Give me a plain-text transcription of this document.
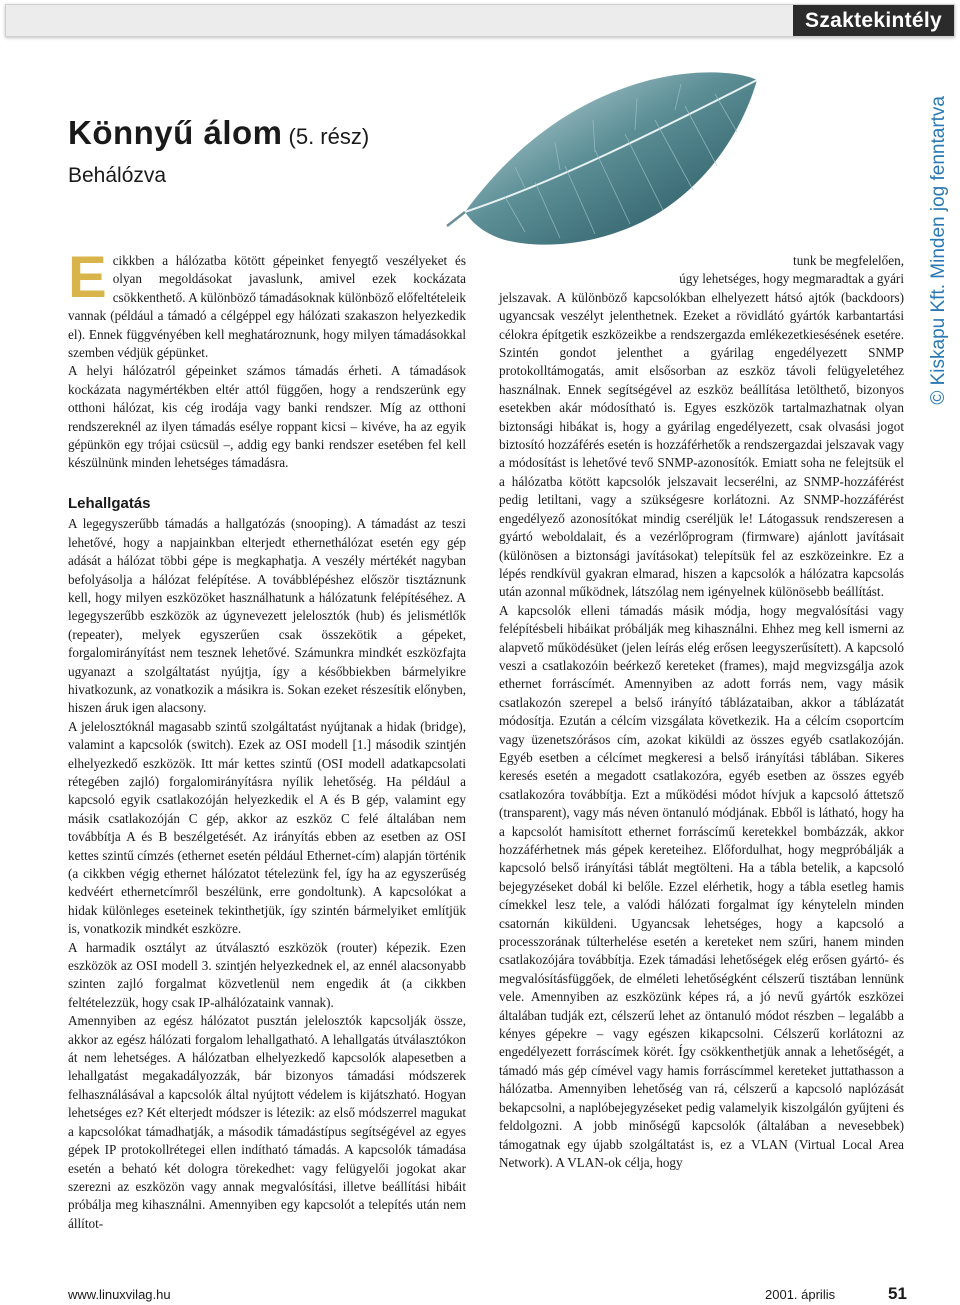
Szaktekintély
Könnyű álom (5. rész)
Behálózva	© Kiskapu Kft. Minden jog fenntartva

Ecikkben a hálózatba kötött gépeinket fenyegtő veszélyeket és olyan megoldásokat javaslunk, amivel ezek kockázata csökkenthető. A különböző támadásoknak különböző előfeltételeik vannak (például a támadó a célgéppel egy hálózati szakaszon helyezkedik el). Ennek függvényében kell meghatároznunk, hogy milyen támadásokkal szemben védjük gépünket.

A helyi hálózatról gépeinket számos támadás érheti. A támadások kockázata nagymértékben eltér attól függően, hogy a rendszerünk egy otthoni hálózat, kis cég irodája vagy banki rendszer. Míg az otthoni rendszereknél az ilyen támadás esélye roppant kicsi – kivéve, ha az egyik gépünkön egy trójai csücsül –, addig egy banki rendszer esetében fel kell készülnünk minden lehetséges támadásra.

Lehallgatás

A legegyszerűbb támadás a hallgatózás (snooping). A támadást az teszi lehetővé, hogy a napjainkban elterjedt ethernethálózat esetén egy gép adását a hálózat többi gépe is megkaphatja. A veszély mértékét nagyban befolyásolja a hálózat felépítése. A továbblépéshez először tisztáznunk kell, hogy milyen eszközöket használhatunk a hálózatunk felépítéséhez. A legegyszerűbb eszközök az úgynevezett jelelosztók (hub) és jelismétlők (repeater), melyek egyszerűen csak összekötik a gépeket, forgalomirányítást nem tesznek lehetővé. Számunkra mindkét eszközfajta ugyanazt a szolgáltatást nyújtja, így a későbbiekben bármelyikre hivatkozunk, az vonatkozik a másikra is. Sokan ezeket részesítik előnyben, hiszen áruk igen alacsony.

A jelelosztóknál magasabb szintű szolgáltatást nyújtanak a hidak (bridge), valamint a kapcsolók (switch). Ezek az OSI modell [1.] második szintjén elhelyezkedő eszközök. Itt már kettes szintű (OSI modell adatkapcsolati rétegében zajló) forgalomirányításra nyílik lehetőség. Ha például a kapcsoló egyik csatlakozóján helyezkedik el A és B gép, valamint egy másik csatlakozóján C gép, akkor az eszköz C felé általában nem továbbítja A és B beszélgetését. Az irányítás ebben az esetben az OSI kettes szintű címzés (ethernet esetén például Ethernet-cím) alapján történik (a cikkben végig ethernet hálózatot tételezünk fel, így ha az egyszerűség kedvéért ethernetcímről beszélünk, erre gondoltunk). A kapcsolókat a hidak különleges eseteinek tekinthetjük, így szintén bármelyiket említjük is, vonatkozik mindkét eszközre.

A harmadik osztályt az útválasztó eszközök (router) képezik. Ezen eszközök az OSI modell 3. szintjén helyezkednek el, az ennél alacsonyabb szinten zajló forgalmat közvetlenül nem engedik át (a cikkben feltételezzük, hogy csak IP-alhálózataink vannak).

Amennyiben az egész hálózatot pusztán jelelosztók kapcsolják össze, akkor az egész hálózati forgalom lehallgatható. A lehallgatás útválasztókon át nem lehetséges. A hálózatban elhelyezkedő kapcsolók alapesetben a lehallgatást megakadályozzák, bár bizonyos támadási módszerek felhasználásával a kapcsolók által nyújtott védelem is kijátszható. Hogyan lehetséges ez? Két elterjedt módszer is létezik: az első módszerrel magukat a kapcsolókat támadhatják, a második támadástípus segítségével az egyes gépek IP protokollrétegei ellen indítható támadás. A kapcsolók támadása esetén a beható két dologra törekedhet: vagy felügyelői jogokat akar szerezni az eszközön vagy annak megvalósítási, illetve beállítási hibáit próbálja meg kihasználni. Amennyiben egy kapcsolót a telepítés után nem állítot-

tunk be megfelelően,

úgy lehetséges, hogy megmaradtak a gyári

jelszavak. A különböző kapcsolókban elhelyezett hátsó ajtók (backdoors) ugyancsak veszélyt jelenthetnek. Ezeket a rövidlátó gyártók karbantartási célokra építgetik eszközeikbe a rendszergazda emlékezetkiesésének esetére. Szintén gondot jelenthet a gyárilag engedélyezett SNMP protokolltámogatás, amit elsősorban az eszköz távoli felügyeletéhez használnak. Ennek segítségével az eszköz beállítása letölthető, bizonyos esetekben akár módosítható is. Egyes eszközök tartalmazhatnak olyan biztonsági hibákat is, hogy a gyárilag engedélyezett, csak olvasási jogot biztosító hozzáférés esetén is hozzáférhetők a rendszergazdai jelszavak vagy a módosítást is lehetővé tevő SNMP-azonosítók. Emiatt soha ne felejtsük el a hálózatba kötött kapcsolók jelszavait lecserélni, az SNMP-hozzáférést pedig letiltani, vagy a szükségesre korlátozni. Az SNMP-hozzáférést engedélyező azonosítókat mindig cseréljük le! Látogassuk rendszeresen a gyártó weboldalait, és a vezérlőprogram (firmware) ajánlott javításait (különösen a biztonsági javításokat) telepítsük fel az eszközeinkre. Ez a lépés rendkívül gyakran elmarad, hiszen a kapcsolók a hálózatra kapcsolás után azonnal működnek, látszólag nem igényelnek különösebb beállítást.

A kapcsolók elleni támadás másik módja, hogy megvalósítási vagy felépítésbeli hibáikat próbálják meg kihasználni. Ehhez meg kell ismerni az alapvető működésüket (jelen leírás elég erősen leegyszerűsített). A kapcsoló veszi a csatlakozóin beérkező kereteket (frames), majd megvizsgálja azok ethernet forráscímét. Amennyiben az adott forrás nem, vagy másik csatlakozón szerepel a belső irányító táblázataiban, akkor a táblázatát módosítja. Ezután a célcím vizsgálata következik. Ha a célcím csoportcím vagy üzenetszórásos cím, azokat kiküldi az összes egyéb csatlakozóján. Egyéb esetben a célcímet megkeresi a belső irányítási táblában. Sikeres keresés esetén a megadott csatlakozóra, egyéb esetben az összes egyéb csatlakozóra továbbítja. Ezt a működési módot hívjuk a kapcsoló áttetsző (transparent), vagy más néven öntanuló módjának. Ebből is látható, hogy ha a kapcsolót hamisított ethernet forráscímű keretekkel bombázzák, akkor hozzáférhetnek más gépek kereteihez. Előfordulhat, hogy megpróbálják a kapcsoló belső irányítási táblát megtölteni. Ha a tábla betelik, a kapcsoló bejegyzéseket dobál ki belőle. Ezzel elérhetik, hogy a tábla esetleg hamis címekkel lesz tele, a valódi hálózati forgalmat így kényteleln minden csatornán kiküldeni. Ugyancsak lehetséges, hogy a kapcsoló a processzorának túlterhelése esetén a kereteket nem szűri, hanem minden csatlakozójára továbbítja. Ezek támadási lehetőségek elég erősen gyártó- és megvalósításfüggőek, de elméleti lehetőségként célszerű tisztában lennünk vele. Amennyiben az eszközünk képes rá, a jó nevű gyártók eszközei általában tudják ezt, célszerű lehet az öntanuló módot részben – legalább a kényes gépekre – vagy egészen kikapcsolni. Célszerű korlátozni az engedélyezett forráscímek körét. Így csökkenthetjük annak a lehetőségét, a támadó más gép címével vagy hamis forráscímmel kereteket juttathasson a hálózatba. Amennyiben lehetőség van rá, célszerű a kapcsoló naplózását bekapcsolni, a naplóbejegyzéseket pedig valamelyik kiszolgálón gyűjteni és feldolgozni. A jobb minőségű kapcsolók (általában a nevesebbek) támogatnak egy újabb szolgáltatást is, ez a VLAN (Virtual Local Area Network). A VLAN-ok célja, hogy

www.linuxvilag.hu	2001. április	51
